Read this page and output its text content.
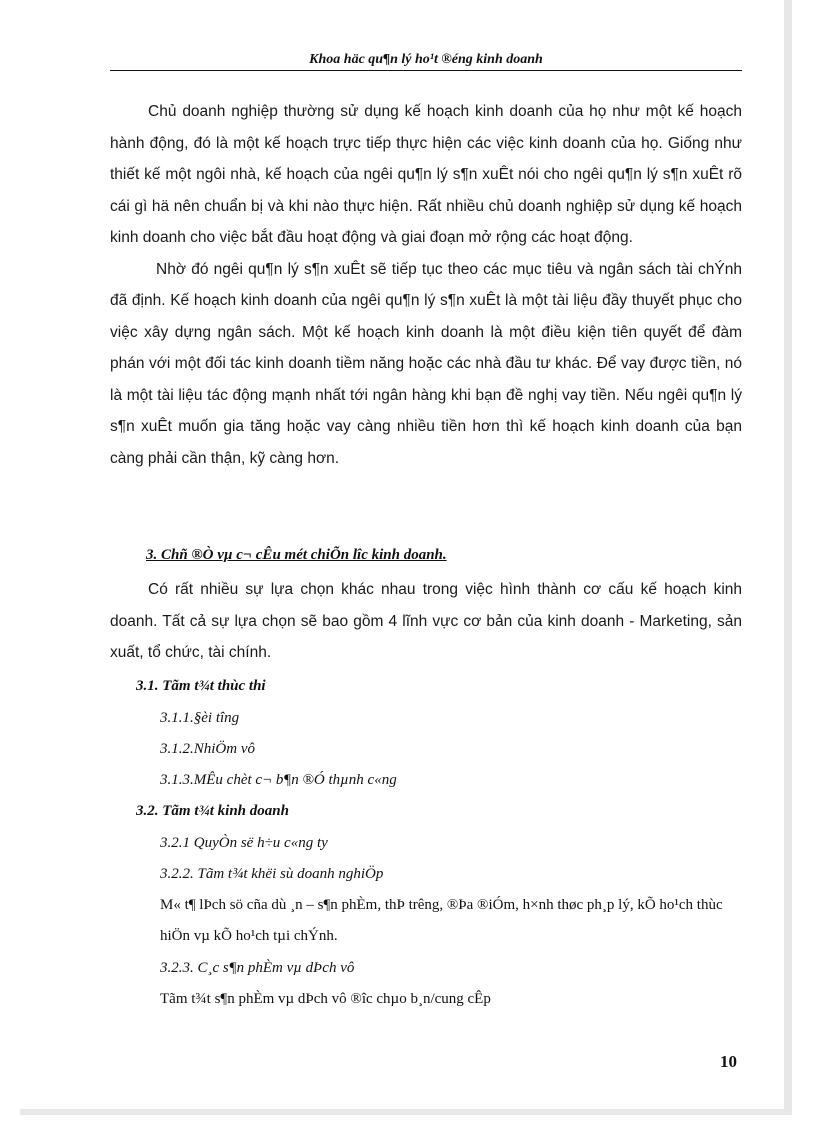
Khoa häc qu¶n lý ho¹t ®éng kinh doanh

Chủ doanh nghiệp thường sử dụng kế hoạch kinh doanh của họ như một kế hoạch hành động, đó là một kế hoạch trực tiếp thực hiện các việc kinh doanh của họ. Giống như thiết kế một ngôi nhà, kế hoạch của ngêi qu¶n lý s¶n xuÊt nói cho ngêi qu¶n lý s¶n xuÊt rõ cái gì hä nên chuẩn bị và khi nào thực hiện. Rất nhiều chủ doanh nghiệp sử dụng kế hoạch kinh doanh cho việc bắt đầu hoạt động và giai đoạn mở rộng các hoạt động.

Nhờ đó ngêi qu¶n lý s¶n xuÊt sẽ tiếp tục theo các mục tiêu và ngân sách tài chÝnh đã định. Kế hoạch kinh doanh của ngêi qu¶n lý s¶n xuÊt là một tài liệu đầy thuyết phục cho việc xây dựng ngân sách. Một kế hoạch kinh doanh là một điều kiện tiên quyết để đàm phán với một đối tác kinh doanh tiềm năng hoặc các nhà đầu tư khác. Để vay được tiền, nó là một tài liệu tác động mạnh nhất tới ngân hàng khi bạn đề nghị vay tiền. Nếu ngêi qu¶n lý s¶n xuÊt muốn gia tăng hoặc vay càng nhiều tiền hơn thì kế hoạch kinh doanh của bạn càng phải cần thận, kỹ càng hơn.

3. Chñ ®Ò vµ c¬ cÊu mét chiÕn lîc kinh doanh.

Có rất nhiều sự lựa chọn khác nhau trong việc hình thành cơ cấu kế hoạch kinh doanh. Tất cả sự lựa chọn sẽ bao gồm 4 lĩnh vực cơ bản của kinh doanh - Marketing, sản xuất, tổ chức, tài chính.

3.1. Tãm t¾t thùc thi
3.1.1.§èi tîng
3.1.2.NhiÖm vô
3.1.3.MÊu chèt c¬ b¶n ®Ó thµnh c«ng
3.2. Tãm t¾t kinh doanh
3.2.1 QuyÒn së h÷u c«ng ty
3.2.2. Tãm t¾t khëi sù doanh nghiÖp
M« t¶ lÞch sö cña dù ¸n – s¶n phÈm, thÞ trêng, ®Þa ®iÓm, h×nh thøc ph¸p lý, kÕ ho¹ch thùc hiÖn vµ kÕ ho¹ch tµi chÝnh.
3.2.3. C¸c s¶n phÈm vµ dÞch vô
Tãm t¾t s¶n phÈm vµ dÞch vô ®îc chµo b¸n/cung cÊp
10
